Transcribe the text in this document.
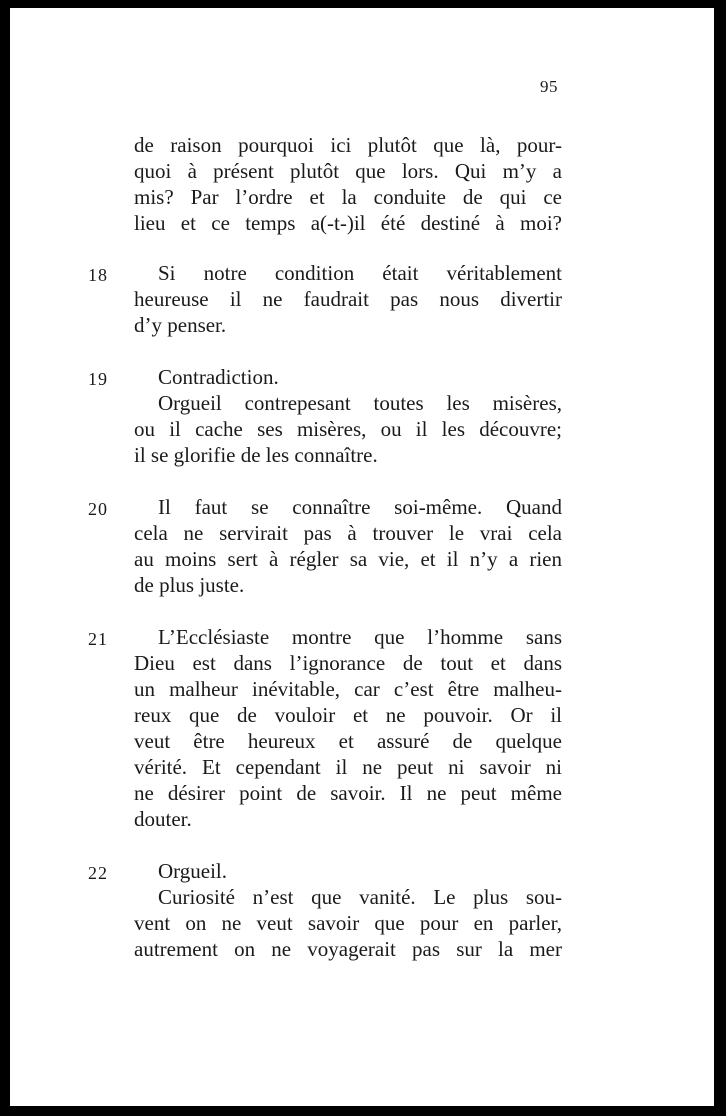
95
de raison pourquoi ici plutôt que là, pour-
quoi à présent plutôt que lors. Qui m’y a
mis? Par l’ordre et la conduite de qui ce
lieu et ce temps a(-t-)il été destiné à moi?
18 Si notre condition était véritablement
heureuse il ne faudrait pas nous divertir
d’y penser.
19 Contradiction.
Orgueil contrepesant toutes les misères,
ou il cache ses misères, ou il les découvre;
il se glorifie de les connaître.
20 Il faut se connaître soi-même. Quand
cela ne servirait pas à trouver le vrai cela
au moins sert à régler sa vie, et il n’y a rien
de plus juste.
21 L’Ecclésiaste montre que l’homme sans
Dieu est dans l’ignorance de tout et dans
un malheur inévitable, car c’est être malheu-
reux que de vouloir et ne pouvoir. Or il
veut être heureux et assuré de quelque
vérité. Et cependant il ne peut ni savoir ni
ne désirer point de savoir. Il ne peut même
douter.
22 Orgueil.
Curiosité n’est que vanité. Le plus sou-
vent on ne veut savoir que pour en parler,
autrement on ne voyagerait pas sur la mer
